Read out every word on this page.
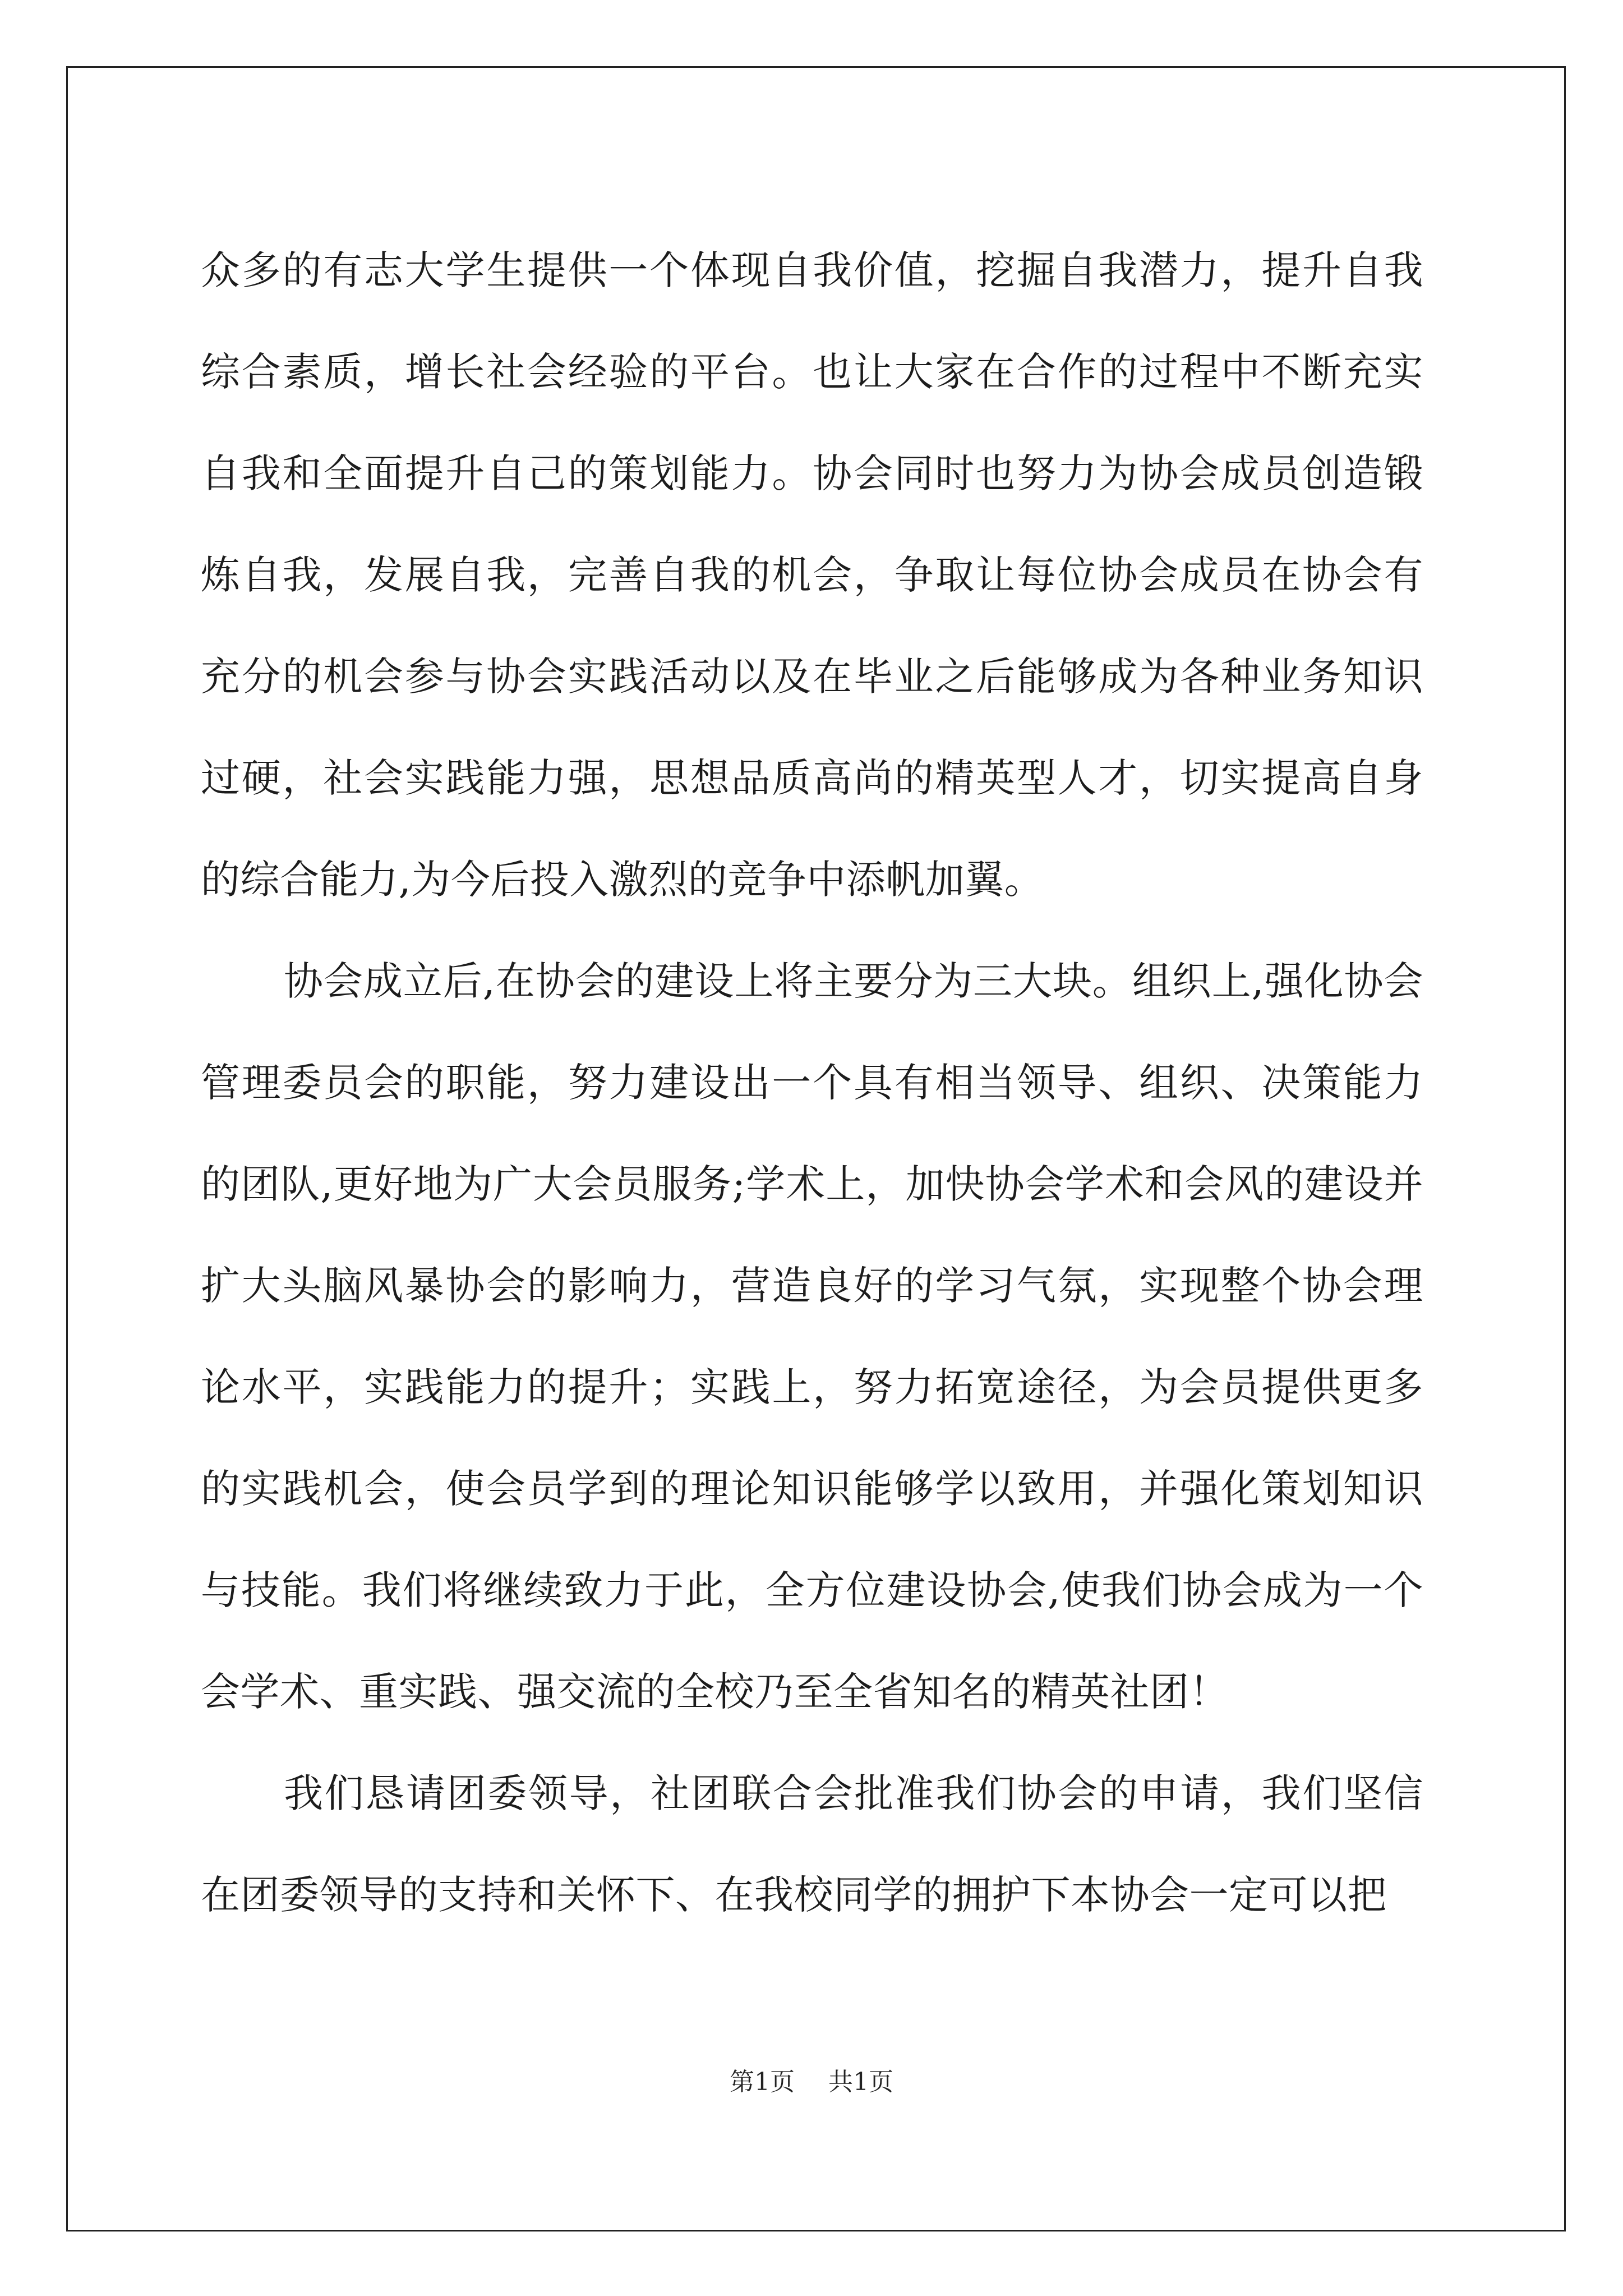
众多的有志大学生提供一个体现自我价值，挖掘自我潜力，提升自我综合素质，增长社会经验的平台。也让大家在合作的过程中不断充实自我和全面提升自己的策划能力。协会同时也努力为协会成员创造锻炼自我，发展自我，完善自我的机会，争取让每位协会成员在协会有充分的机会参与协会实践活动以及在毕业之后能够成为各种业务知识过硬，社会实践能力强，思想品质高尚的精英型人才，切实提高自身的综合能力,为今后投入激烈的竞争中添帆加翼。

协会成立后,在协会的建设上将主要分为三大块。组织上,强化协会管理委员会的职能，努力建设出一个具有相当领导、组织、决策能力的团队,更好地为广大会员服务;学术上，加快协会学术和会风的建设并扩大头脑风暴协会的影响力，营造良好的学习气氛，实现整个协会理论水平，实践能力的提升；实践上，努力拓宽途径，为会员提供更多的实践机会，使会员学到的理论知识能够学以致用，并强化策划知识与技能。我们将继续致力于此，全方位建设协会,使我们协会成为一个会学术、重实践、强交流的全校乃至全省知名的精英社团！

我们恳请团委领导，社团联合会批准我们协会的申请，我们坚信在团委领导的支持和关怀下、在我校同学的拥护下本协会一定可以把

第1页 共1页
